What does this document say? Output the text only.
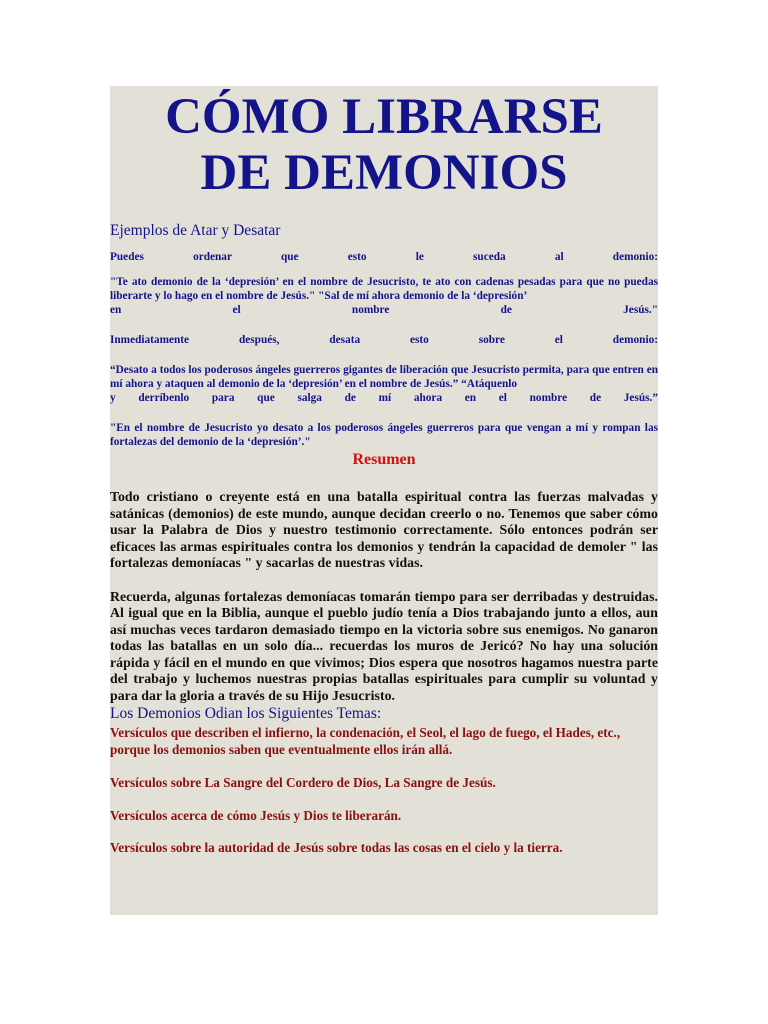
CÓMO LIBRARSE
DE DEMONIOS

Ejemplos de Atar y Desatar

Puedes ordenar que esto le suceda al demonio:

"Te ato demonio de la ‘depresión’ en el nombre de Jesucristo, te ato con cadenas pesadas para que no puedas liberarte y lo hago en el nombre de Jesús." "Sal de mí ahora demonio de la ‘depresión’

en el nombre de Jesús."

Inmediatamente después, desata esto sobre el demonio:

“Desato a todos los poderosos ángeles guerreros gigantes de liberación que Jesucristo permita, para que entren en mí ahora y ataquen al demonio de la ‘depresión’ en el nombre de Jesús.” “Atáquenlo

y derríbenlo para que salga de mí ahora en el nombre de Jesús.”

"En el nombre de Jesucristo yo desato a los poderosos ángeles guerreros para que vengan a mí y rompan las fortalezas del demonio de la ‘depresión’."

Resumen

Todo cristiano o creyente está en una batalla espiritual contra las fuerzas malvadas y satánicas (demonios) de este mundo, aunque decidan creerlo o no. Tenemos que saber cómo usar la Palabra de Dios y nuestro testimonio correctamente. Sólo entonces podrán ser eficaces las armas espirituales contra los demonios y tendrán la capacidad de demoler " las fortalezas demoníacas " y sacarlas de nuestras vidas.

Recuerda, algunas fortalezas demoníacas tomarán tiempo para ser derribadas y destruidas. Al igual que en la Biblia, aunque el pueblo judío tenía a Dios trabajando junto a ellos, aun así muchas veces tardaron demasiado tiempo en la victoria sobre sus enemigos. No ganaron todas las batallas en un solo día... recuerdas los muros de Jericó? No hay una solución rápida y fácil en el mundo en que vivimos; Dios espera que nosotros hagamos nuestra parte del trabajo y luchemos nuestras propias batallas espirituales para cumplir su voluntad y para dar la gloria a través de su Hijo Jesucristo.

Los Demonios Odian los Siguientes Temas:

Versículos que describen el infierno, la condenación, el Seol, el lago de fuego, el Hades, etc., porque los demonios saben que eventualmente ellos irán allá.

Versículos sobre La Sangre del Cordero de Dios, La Sangre de Jesús.

Versículos acerca de cómo Jesús y Dios te liberarán.

Versículos sobre la autoridad de Jesús sobre todas las cosas en el cielo y la tierra.
